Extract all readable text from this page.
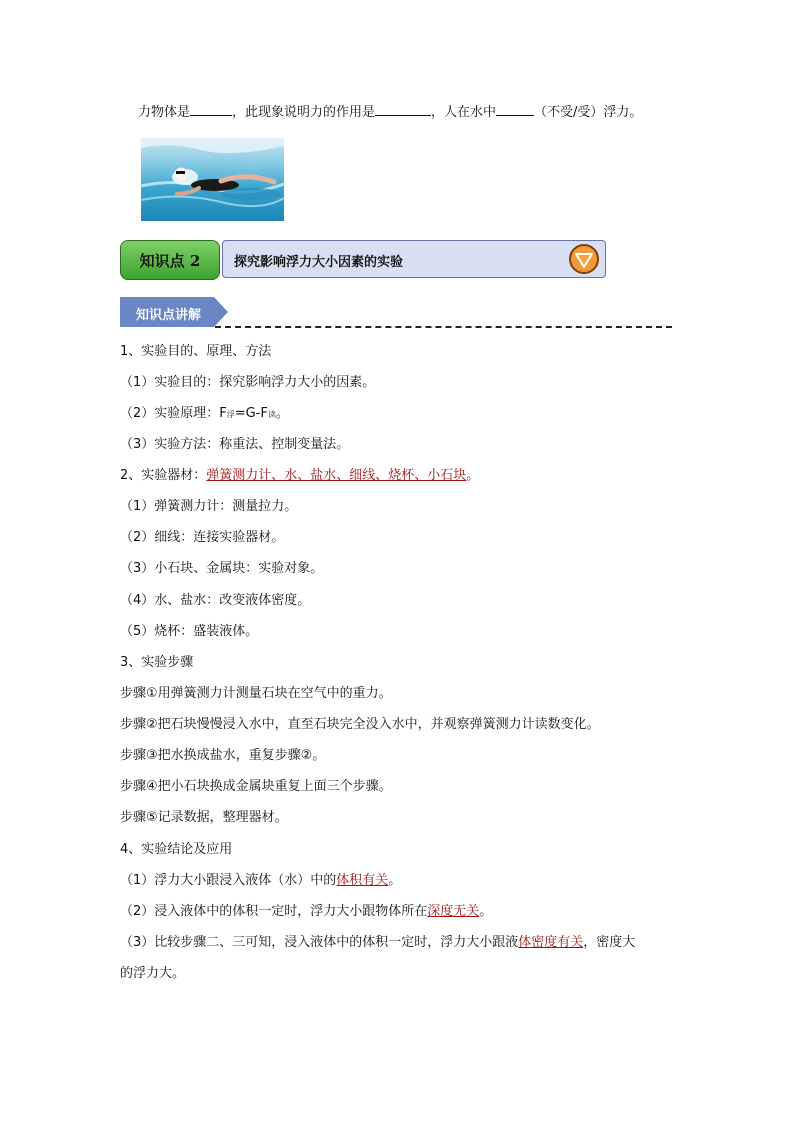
力物体是	，此现象说明力的作用是	，人在水中	（不受/受）浮力。
知识点 2	探究影响浮力大小因素的实验
知识点讲解
1、实验目的、原理、方法
（1）实验目的：探究影响浮力大小的因素。
（2）实验原理：F浮=G-F读。
（3）实验方法：称重法、控制变量法。
2、实验器材：弹簧测力计、水、盐水、细线、烧杯、小石块。
（1）弹簧测力计：测量拉力。
（2）细线：连接实验器材。
（3）小石块、金属块：实验对象。
（4）水、盐水：改变液体密度。
（5）烧杯：盛装液体。
3、实验步骤
步骤①用弹簧测力计测量石块在空气中的重力。
步骤②把石块慢慢浸入水中，直至石块完全没入水中，并观察弹簧测力计读数变化。
步骤③把水换成盐水，重复步骤②。
步骤④把小石块换成金属块重复上面三个步骤。
步骤⑤记录数据，整理器材。
4、实验结论及应用
（1）浮力大小跟浸入液体（水）中的体积有关。
（2）浸入液体中的体积一定时，浮力大小跟物体所在深度无关。
（3）比较步骤二、三可知，浸入液体中的体积一定时，浮力大小跟液体密度有关，密度大
的浮力大。
